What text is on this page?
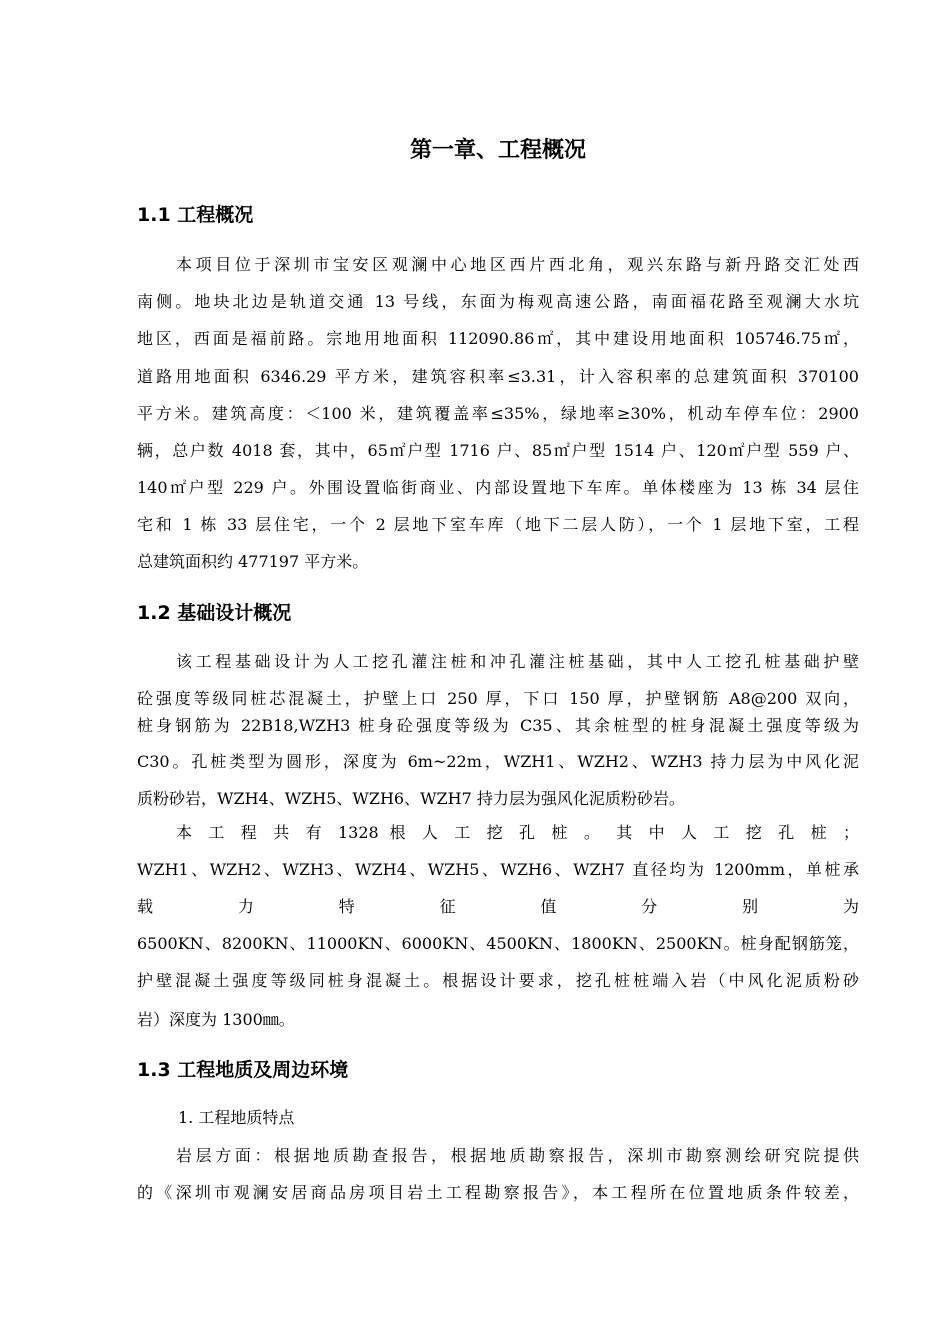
第一章、工程概况
1.1 工程概况
本项目位于深圳市宝安区观澜中心地区西片西北角，观兴东路与新丹路交汇处西
南侧。地块北边是轨道交通 13 号线，东面为梅观高速公路，南面福花路至观澜大水坑
地区，西面是福前路。宗地用地面积 112090.86㎡，其中建设用地面积 105746.75㎡，
道路用地面积 6346.29 平方米，建筑容积率≤3.31，计入容积率的总建筑面积 370100
平方米。建筑高度：＜100 米，建筑覆盖率≤35%，绿地率≥30%，机动车停车位：2900
辆，总户数 4018 套，其中，65㎡户型 1716 户、85㎡户型 1514 户、120㎡户型 559 户、
140㎡户型 229 户。外围设置临街商业、内部设置地下车库。单体楼座为 13 栋 34 层住
宅和 1 栋 33 层住宅，一个 2 层地下室车库（地下二层人防），一个 1 层地下室，工程
总建筑面积约 477197 平方米。
1.2 基础设计概况
该工程基础设计为人工挖孔灌注桩和冲孔灌注桩基础，其中人工挖孔桩基础护壁
砼强度等级同桩芯混凝土，护壁上口 250 厚，下口 150 厚，护壁钢筋 A8@200 双向，
桩身钢筋为 22B18,WZH3 桩身砼强度等级为 C35、其余桩型的桩身混凝土强度等级为
C30。孔桩类型为圆形，深度为 6m~22m，WZH1、WZH2、WZH3 持力层为中风化泥
质粉砂岩，WZH4、WZH5、WZH6、WZH7 持力层为强风化泥质粉砂岩。
本 工 程 共 有 1328 根 人 工 挖 孔 桩 。 其 中 人 工 挖 孔 桩 ；
WZH1、WZH2、WZH3、WZH4、WZH5、WZH6、WZH7 直径均为 1200mm，单桩承
载 力 特 征 值 分 别 为
6500KN、8200KN、11000KN、6000KN、4500KN、1800KN、2500KN。桩身配钢筋笼，
护壁混凝土强度等级同桩身混凝土。根据设计要求，挖孔桩桩端入岩（中风化泥质粉砂
岩）深度为 1300㎜。
1.3 工程地质及周边环境
1. 工程地质特点
岩层方面：根据地质勘查报告，根据地质勘察报告，深圳市勘察测绘研究院提供
的《深圳市观澜安居商品房项目岩土工程勘察报告》，本工程所在位置地质条件较差，
